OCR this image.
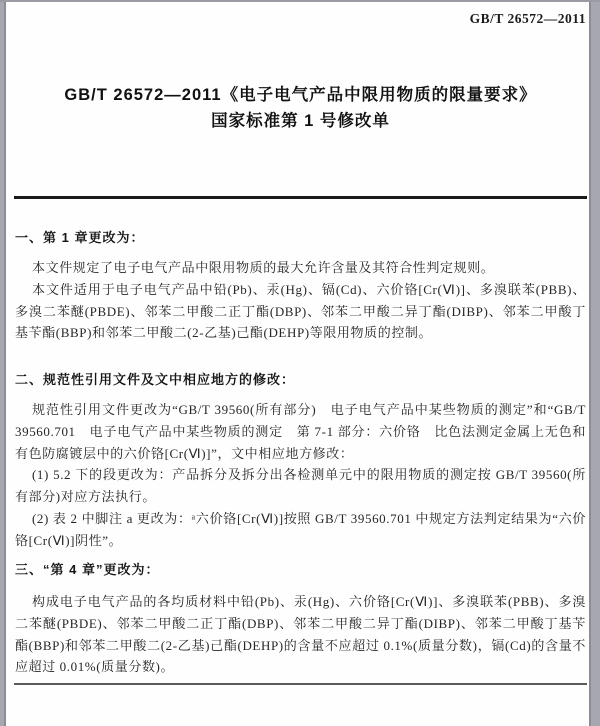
GB/T 26572—2011
GB/T 26572—2011《电子电气产品中限用物质的限量要求》
国家标准第 1 号修改单
一、第 1 章更改为：

本文件规定了电子电气产品中限用物质的最大允许含量及其符合性判定规则。

本文件适用于电子电气产品中铅(Pb)、汞(Hg)、镉(Cd)、六价铬[Cr(Ⅵ)]、多溴联苯(PBB)、多溴二苯醚(PBDE)、邻苯二甲酸二正丁酯(DBP)、邻苯二甲酸二异丁酯(DIBP)、邻苯二甲酸丁基苄酯(BBP)和邻苯二甲酸二(2-乙基)己酯(DEHP)等限用物质的控制。

二、规范性引用文件及文中相应地方的修改：

规范性引用文件更改为“GB/T 39560(所有部分)　电子电气产品中某些物质的测定”和“GB/T 39560.701　电子电气产品中某些物质的测定　第 7-1 部分：六价铬　比色法测定金属上无色和有色防腐镀层中的六价铬[Cr(Ⅵ)]”，文中相应地方修改：

(1) 5.2 下的段更改为：产品拆分及拆分出各检测单元中的限用物质的测定按 GB/T 39560(所有部分)对应方法执行。

(2) 表 2 中脚注 a 更改为：ᵃ六价铬[Cr(Ⅵ)]按照 GB/T 39560.701 中规定方法判定结果为“六价铬[Cr(Ⅵ)]阴性”。

三、“第 4 章”更改为：

构成电子电气产品的各均质材料中铅(Pb)、汞(Hg)、六价铬[Cr(Ⅵ)]、多溴联苯(PBB)、多溴二苯醚(PBDE)、邻苯二甲酸二正丁酯(DBP)、邻苯二甲酸二异丁酯(DIBP)、邻苯二甲酸丁基苄酯(BBP)和邻苯二甲酸二(2-乙基)己酯(DEHP)的含量不应超过 0.1%(质量分数)，镉(Cd)的含量不应超过 0.01%(质量分数)。
